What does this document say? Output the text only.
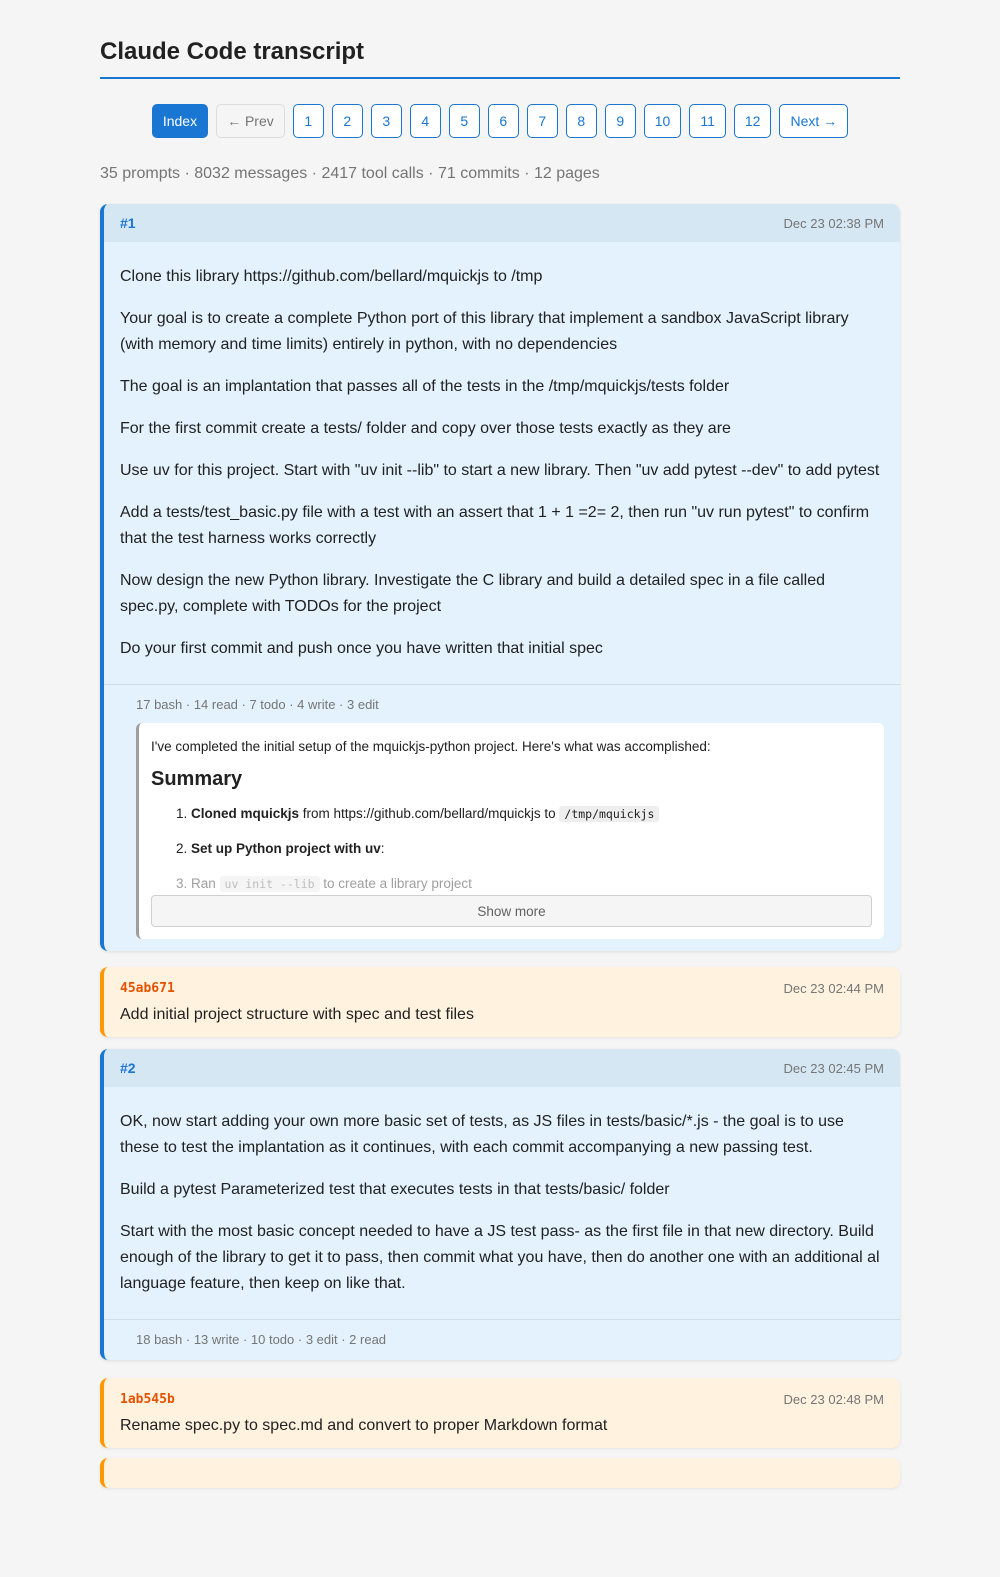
Claude Code transcript
Index	← Prev	1	2	3	4	5	6	7	8	9	10	11	12	Next →
35 prompts · 8032 messages · 2417 tool calls · 71 commits · 12 pages
#1	Dec 23 02:38 PM

Clone this library https://github.com/bellard/mquickjs to /tmp

Your goal is to create a complete Python port of this library that implement a sandbox JavaScript library (with memory and time limits) entirely in python, with no dependencies

The goal is an implantation that passes all of the tests in the /tmp/mquickjs/tests folder

For the first commit create a tests/ folder and copy over those tests exactly as they are

Use uv for this project. Start with "uv init --lib" to start a new library. Then "uv add pytest --dev" to add pytest

Add a tests/test_basic.py file with a test with an assert that 1 + 1 =2= 2, then run "uv run pytest" to confirm that the test harness works correctly

Now design the new Python library. Investigate the C library and build a detailed spec in a file called spec.py, complete with TODOs for the project

Do your first commit and push once you have written that initial spec

17 bash · 14 read · 7 todo · 4 write · 3 edit

I've completed the initial setup of the mquickjs-python project. Here's what was accomplished:

Summary
1. Cloned mquickjs from https://github.com/bellard/mquickjs to /tmp/mquickjs
2. Set up Python project with uv:
3. Ran uv init --lib to create a library project
Show more
45ab671	Dec 23 02:44 PM
Add initial project structure with spec and test files
#2	Dec 23 02:45 PM

OK, now start adding your own more basic set of tests, as JS files in tests/basic/*.js - the goal is to use these to test the implantation as it continues, with each commit accompanying a new passing test.

Build a pytest Parameterized test that executes tests in that tests/basic/ folder

Start with the most basic concept needed to have a JS test pass- as the first file in that new directory. Build enough of the library to get it to pass, then commit what you have, then do another one with an additional al language feature, then keep on like that.

18 bash · 13 write · 10 todo · 3 edit · 2 read
1ab545b	Dec 23 02:48 PM
Rename spec.py to spec.md and convert to proper Markdown format
